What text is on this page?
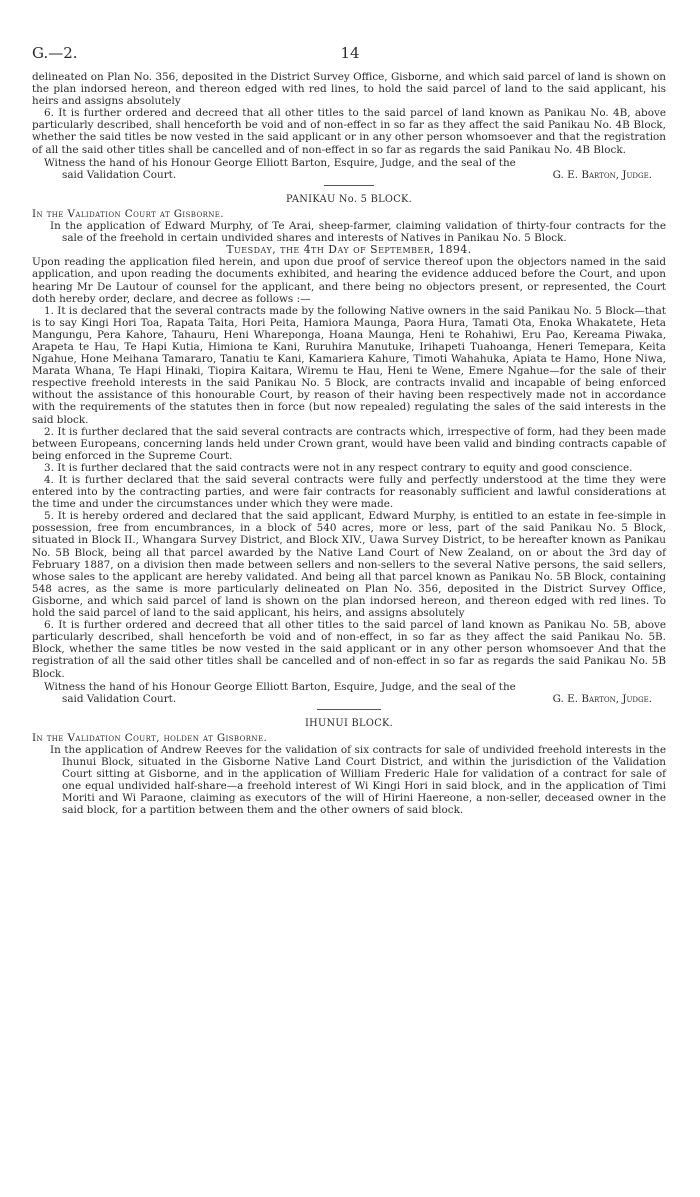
G.—2.	14

delineated on Plan No. 356, deposited in the District Survey Office, Gisborne, and which said parcel of land is shown on the plan indorsed hereon, and thereon edged with red lines, to hold the said parcel of land to the said applicant, his heirs and assigns absolutely

6. It is further ordered and decreed that all other titles to the said parcel of land known as Panikau No. 4B, above particularly described, shall henceforth be void and of non-effect in so far as they affect the said Panikau No. 4B Block, whether the said titles be now vested in the said applicant or in any other person whomsoever and that the registration of all the said other titles shall be cancelled and of non-effect in so far as regards the said Panikau No. 4B Block.

Witness the hand of his Honour George Elliott Barton, Esquire, Judge, and the seal of the
said Validation Court.	G. E. Barton, Judge.
PANIKAU No. 5 BLOCK.

In the Validation Court at Gisborne.

In the application of Edward Murphy, of Te Arai, sheep-farmer, claiming validation of thirty-four contracts for the sale of the freehold in certain undivided shares and interests of Natives in Panikau No. 5 Block.

Tuesday, the 4th Day of September, 1894.

Upon reading the application filed herein, and upon due proof of service thereof upon the objectors named in the said application, and upon reading the documents exhibited, and hearing the evidence adduced before the Court, and upon hearing Mr De Lautour of counsel for the applicant, and there being no objectors present, or represented, the Court doth hereby order, declare, and decree as follows :—

1. It is declared that the several contracts made by the following Native owners in the said Panikau No. 5 Block—that is to say Kingi Hori Toa, Rapata Taita, Hori Peita, Hamiora Maunga, Paora Hura, Tamati Ota, Enoka Whakatete, Heta Mangungu, Pera Kahore, Tahauru, Heni Whareponga, Hoana Maunga, Heni te Rohahiwi, Eru Pao, Kereama Piwaka, Arapeta te Hau, Te Hapi Kutia, Himiona te Kani, Ruruhira Manutuke, Irihapeti Tuahoanga, Heneri Temepara, Keita Ngahue, Hone Meihana Tamararo, Tanatiu te Kani, Kamariera Kahure, Timoti Wahahuka, Apiata te Hamo, Hone Niwa, Marata Whana, Te Hapi Hinaki, Tiopira Kaitara, Wiremu te Hau, Heni te Wene, Emere Ngahue—for the sale of their respective freehold interests in the said Panikau No. 5 Block, are contracts invalid and incapable of being enforced without the assistance of this honourable Court, by reason of their having been respectively made not in accordance with the requirements of the statutes then in force (but now repealed) regulating the sales of the said interests in the said block.

2. It is further declared that the said several contracts are contracts which, irrespective of form, had they been made between Europeans, concerning lands held under Crown grant, would have been valid and binding contracts capable of being enforced in the Supreme Court.

3. It is further declared that the said contracts were not in any respect contrary to equity and good conscience.

4. It is further declared that the said several contracts were fully and perfectly understood at the time they were entered into by the contracting parties, and were fair contracts for reasonably sufficient and lawful considerations at the time and under the circumstances under which they were made.

5. It is hereby ordered and declared that the said applicant, Edward Murphy, is entitled to an estate in fee-simple in possession, free from encumbrances, in a block of 540 acres, more or less, part of the said Panikau No. 5 Block, situated in Block II., Whangara Survey District, and Block XIV., Uawa Survey District, to be hereafter known as Panikau No. 5B Block, being all that parcel awarded by the Native Land Court of New Zealand, on or about the 3rd day of February 1887, on a division then made between sellers and non-sellers to the several Native persons, the said sellers, whose sales to the applicant are hereby validated. And being all that parcel known as Panikau No. 5B Block, containing 548 acres, as the same is more particularly delineated on Plan No. 356, deposited in the District Survey Office, Gisborne, and which said parcel of land is shown on the plan indorsed hereon, and thereon edged with red lines. To hold the said parcel of land to the said applicant, his heirs, and assigns absolutely

6. It is further ordered and decreed that all other titles to the said parcel of land known as Panikau No. 5B, above particularly described, shall henceforth be void and of non-effect, in so far as they affect the said Panikau No. 5B. Block, whether the same titles be now vested in the said applicant or in any other person whomsoever And that the registration of all the said other titles shall be cancelled and of non-effect in so far as regards the said Panikau No. 5B Block.

Witness the hand of his Honour George Elliott Barton, Esquire, Judge, and the seal of the
said Validation Court.	G. E. Barton, Judge.
IHUNUI BLOCK.

In the Validation Court, holden at Gisborne.

In the application of Andrew Reeves for the validation of six contracts for sale of undivided freehold interests in the Ihunui Block, situated in the Gisborne Native Land Court District, and within the jurisdiction of the Validation Court sitting at Gisborne, and in the application of William Frederic Hale for validation of a contract for sale of one equal undivided half-share—a freehold interest of Wi Kingi Hori in said block, and in the application of Timi Moriti and Wi Paraone, claiming as executors of the will of Hirini Haereone, a non-seller, deceased owner in the said block, for a partition between them and the other owners of said block.
